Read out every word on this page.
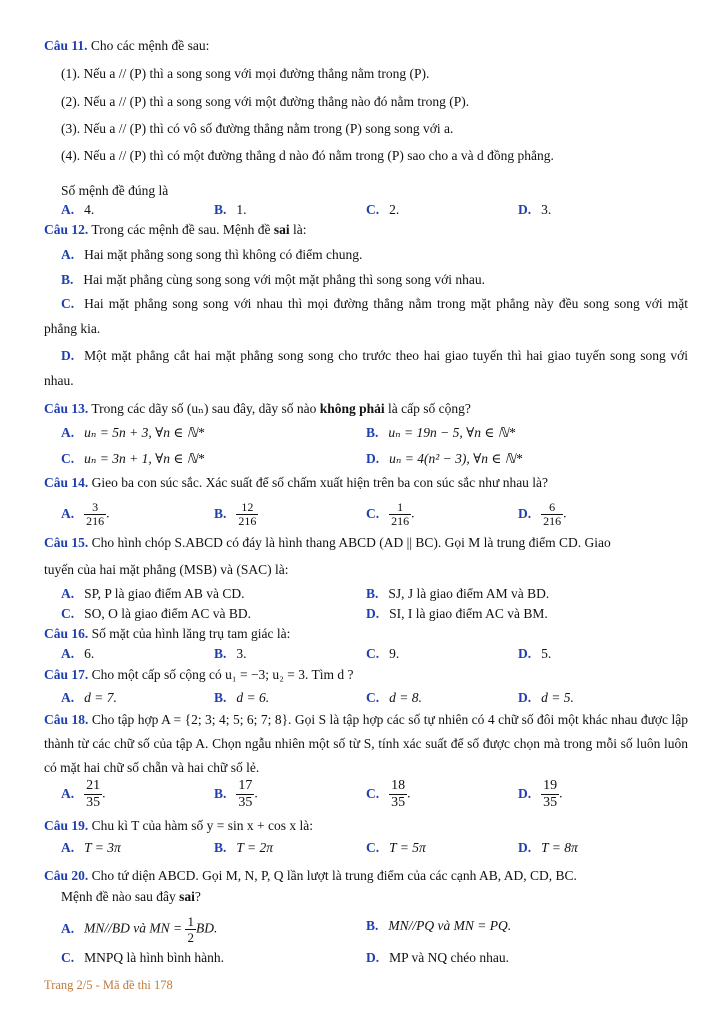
Câu 11. Cho các mệnh đề sau:
(1). Nếu a // (P) thì a song song với mọi đường thẳng nằm trong (P).
(2). Nếu a // (P) thì a song song với một đường thẳng nào đó nằm trong (P).
(3). Nếu a // (P) thì có vô số đường thẳng nằm trong (P) song song với a.
(4). Nếu a // (P) thì có một đường thẳng d nào đó nằm trong (P) sao cho a và d đồng phẳng.
Số mệnh đề đúng là
A. 4.	B. 1.	C. 2.	D. 3.
Câu 12. Trong các mệnh đề sau. Mệnh đề sai là:
A. Hai mặt phẳng song song thì không có điểm chung.
B. Hai mặt phẳng cùng song song với một mặt phẳng thì song song với nhau.
C. Hai mặt phẳng song song với nhau thì mọi đường thẳng nằm trong mặt phẳng này đều song song với mặt phẳng kia.
D. Một mặt phẳng cắt hai mặt phẳng song song cho trước theo hai giao tuyến thì hai giao tuyến song song với nhau.
Câu 13. Trong các dãy số (uₙ) sau đây, dãy số nào không phải là cấp số cộng?
A. uₙ = 5n + 3, ∀n ∈ ℕ*	B. uₙ = 19n − 5, ∀n ∈ ℕ*
C. uₙ = 3n + 1, ∀n ∈ ℕ*	D. uₙ = 4(n² − 3), ∀n ∈ ℕ*
Câu 14. Gieo ba con súc sắc. Xác suất để số chấm xuất hiện trên ba con súc sắc như nhau là?
A. $\frac{3}{216}$ .	B. $\frac{12}{216}$	C. $\frac{1}{216}$ .	D. $\frac{6}{216}$ .
Câu 15. Cho hình chóp S.ABCD có đáy là hình thang ABCD (AD || BC). Gọi M là trung điểm CD. Giao
tuyến của hai mặt phẳng (MSB) và (SAC) là:
A. SP, P là giao điểm AB và CD.	B. SJ, J là giao điểm AM và BD.
C. SO, O là giao điểm AC và BD.	D. SI, I là giao điểm AC và BM.
Câu 16. Số mặt của hình lăng trụ tam giác là:
A. 6.	B. 3.	C. 9.	D. 5.
Câu 17. Cho một cấp số cộng có u₁ = −3; u₂ = 3. Tìm d ?
A. d = 7.	B. d = 6.	C. d = 8.	D. d = 5.
Câu 18. Cho tập hợp A = {2; 3; 4; 5; 6; 7; 8}. Gọi S là tập hợp các số tự nhiên có 4 chữ số đôi một khác nhau được lập thành từ các chữ số của tập A. Chọn ngẫu nhiên một số từ S, tính xác suất để số được chọn mà trong mỗi số luôn luôn có mặt hai chữ số chẵn và hai chữ số lẻ.
A. $\frac{21}{35}$ .	B. $\frac{17}{35}$ .	C. $\frac{18}{35}$ .	D. $\frac{19}{35}$ .
Câu 19. Chu kì T của hàm số y = sin x + cos x là:
A. T = 3π	B. T = 2π	C. T = 5π	D. T = 8π
Câu 20. Cho tứ diện ABCD. Gọi M, N, P, Q lần lượt là trung điểm của các cạnh AB, AD, CD, BC.
Mệnh đề nào sau đây sai?
A. MN//BD và MN = $\frac{1}{2}$ BD.	B. MN//PQ và MN = PQ.
C. MNPQ là hình bình hành.	D. MP và NQ chéo nhau.
Trang 2/5 - Mã đề thi 178
